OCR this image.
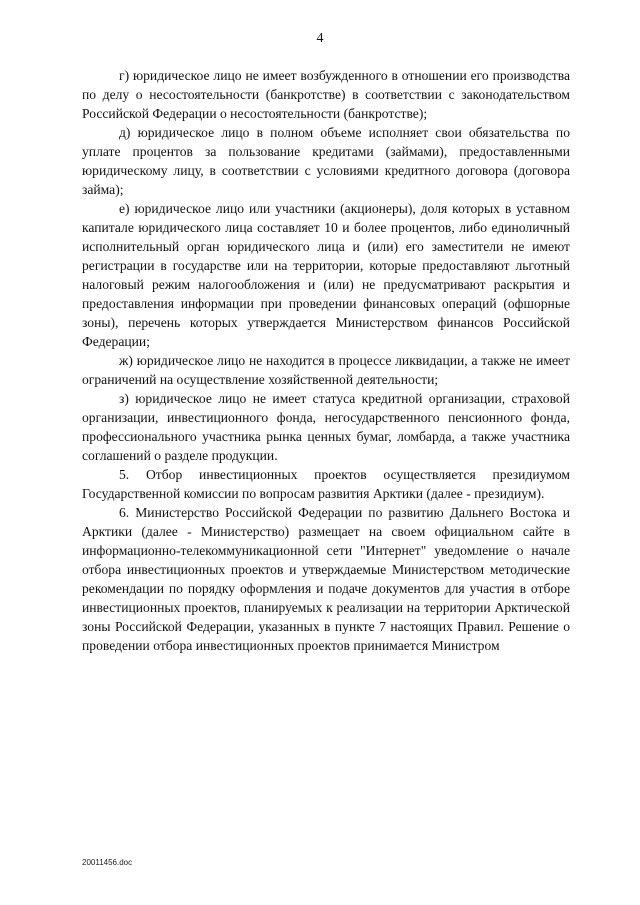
4

г) юридическое лицо не имеет возбужденного в отношении его производства по делу о несостоятельности (банкротстве) в соответствии с законодательством Российской Федерации о несостоятельности (банкротстве);

д) юридическое лицо в полном объеме исполняет свои обязательства по уплате процентов за пользование кредитами (займами), предоставленными юридическому лицу, в соответствии с условиями кредитного договора (договора займа);

е) юридическое лицо или участники (акционеры), доля которых в уставном капитале юридического лица составляет 10 и более процентов, либо единоличный исполнительный орган юридического лица и (или) его заместители не имеют регистрации в государстве или на территории, которые предоставляют льготный налоговый режим налогообложения и (или) не предусматривают раскрытия и предоставления информации при проведении финансовых операций (офшорные зоны), перечень которых утверждается Министерством финансов Российской Федерации;

ж) юридическое лицо не находится в процессе ликвидации, а также не имеет ограничений на осуществление хозяйственной деятельности;

з) юридическое лицо не имеет статуса кредитной организации, страховой организации, инвестиционного фонда, негосударственного пенсионного фонда, профессионального участника рынка ценных бумаг, ломбарда, а также участника соглашений о разделе продукции.

5. Отбор инвестиционных проектов осуществляется президиумом Государственной комиссии по вопросам развития Арктики (далее - президиум).

6. Министерство Российской Федерации по развитию Дальнего Востока и Арктики (далее - Министерство) размещает на своем официальном сайте в информационно-телекоммуникационной сети "Интернет" уведомление о начале отбора инвестиционных проектов и утверждаемые Министерством методические рекомендации по порядку оформления и подаче документов для участия в отборе инвестиционных проектов, планируемых к реализации на территории Арктической зоны Российской Федерации, указанных в пункте 7 настоящих Правил. Решение о проведении отбора инвестиционных проектов принимается Министром

20011456.doc
